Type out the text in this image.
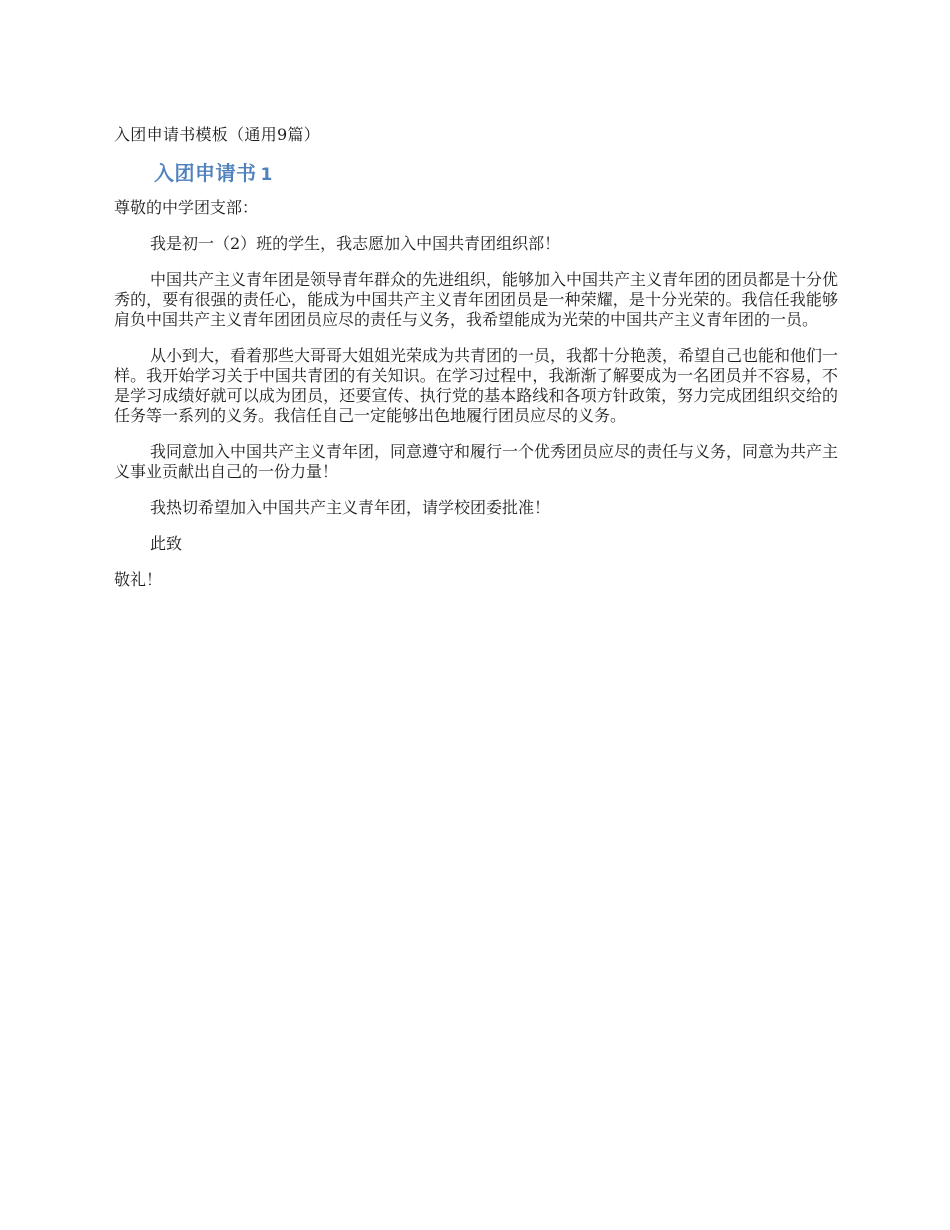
入团申请书模板（通用9篇）
入团申请书 1
尊敬的中学团支部：

我是初一（2）班的学生，我志愿加入中国共青团组织部！

中国共产主义青年团是领导青年群众的先进组织，能够加入中国共产主义青年团的团员都是十分优秀的，要有很强的责任心，能成为中国共产主义青年团团员是一种荣耀，是十分光荣的。我信任我能够肩负中国共产主义青年团团员应尽的责任与义务，我希望能成为光荣的中国共产主义青年团的一员。

从小到大，看着那些大哥哥大姐姐光荣成为共青团的一员，我都十分艳羡，希望自己也能和他们一样。我开始学习关于中国共青团的有关知识。在学习过程中，我渐渐了解要成为一名团员并不容易，不是学习成绩好就可以成为团员，还要宣传、执行党的基本路线和各项方针政策，努力完成团组织交给的任务等一系列的义务。我信任自己一定能够出色地履行团员应尽的义务。

我同意加入中国共产主义青年团，同意遵守和履行一个优秀团员应尽的责任与义务，同意为共产主义事业贡献出自己的一份力量！

我热切希望加入中国共产主义青年团，请学校团委批准！

此致
敬礼！
